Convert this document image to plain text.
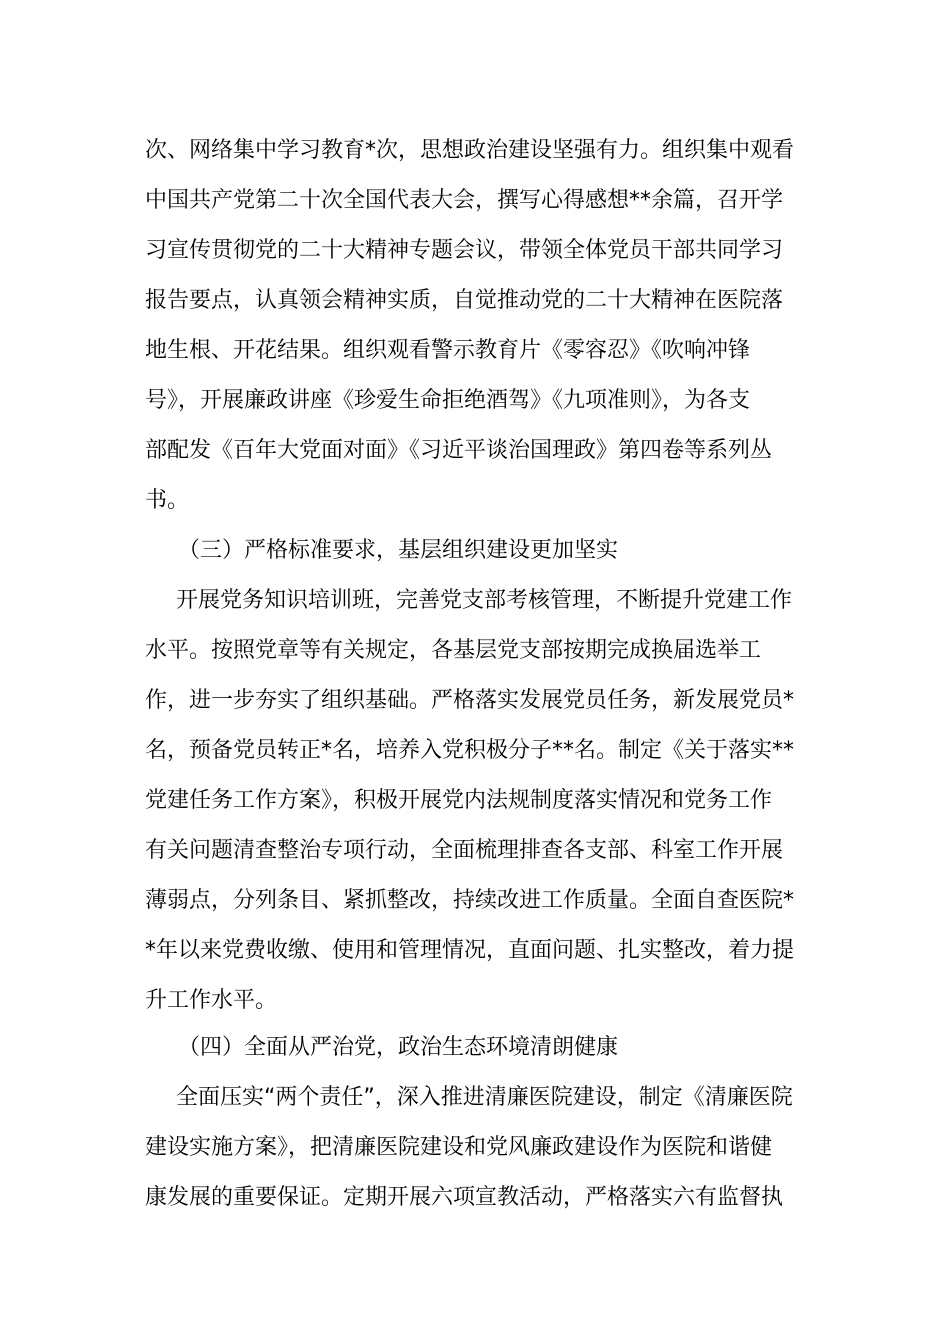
次、网络集中学习教育*次，思想政治建设坚强有力。组织集中观看
中国共产党第二十次全国代表大会，撰写心得感想**余篇，召开学
习宣传贯彻党的二十大精神专题会议，带领全体党员干部共同学习
报告要点，认真领会精神实质，自觉推动党的二十大精神在医院落
地生根、开花结果。组织观看警示教育片《零容忍》《吹响冲锋
号》，开展廉政讲座《珍爱生命拒绝酒驾》《九项准则》，为各支
部配发《百年大党面对面》《习近平谈治国理政》第四卷等系列丛
书。
（三）严格标准要求，基层组织建设更加坚实
开展党务知识培训班，完善党支部考核管理，不断提升党建工作
水平。按照党章等有关规定，各基层党支部按期完成换届选举工
作，进一步夯实了组织基础。严格落实发展党员任务，新发展党员*
名，预备党员转正*名，培养入党积极分子**名。制定《关于落实**
党建任务工作方案》，积极开展党内法规制度落实情况和党务工作
有关问题清查整治专项行动，全面梳理排查各支部、科室工作开展
薄弱点，分列条目、紧抓整改，持续改进工作质量。全面自查医院*
*年以来党费收缴、使用和管理情况，直面问题、扎实整改，着力提
升工作水平。
（四）全面从严治党，政治生态环境清朗健康
全面压实“两个责任”，深入推进清廉医院建设，制定《清廉医院
建设实施方案》，把清廉医院建设和党风廉政建设作为医院和谐健
康发展的重要保证。定期开展六项宣教活动，严格落实六有监督执
